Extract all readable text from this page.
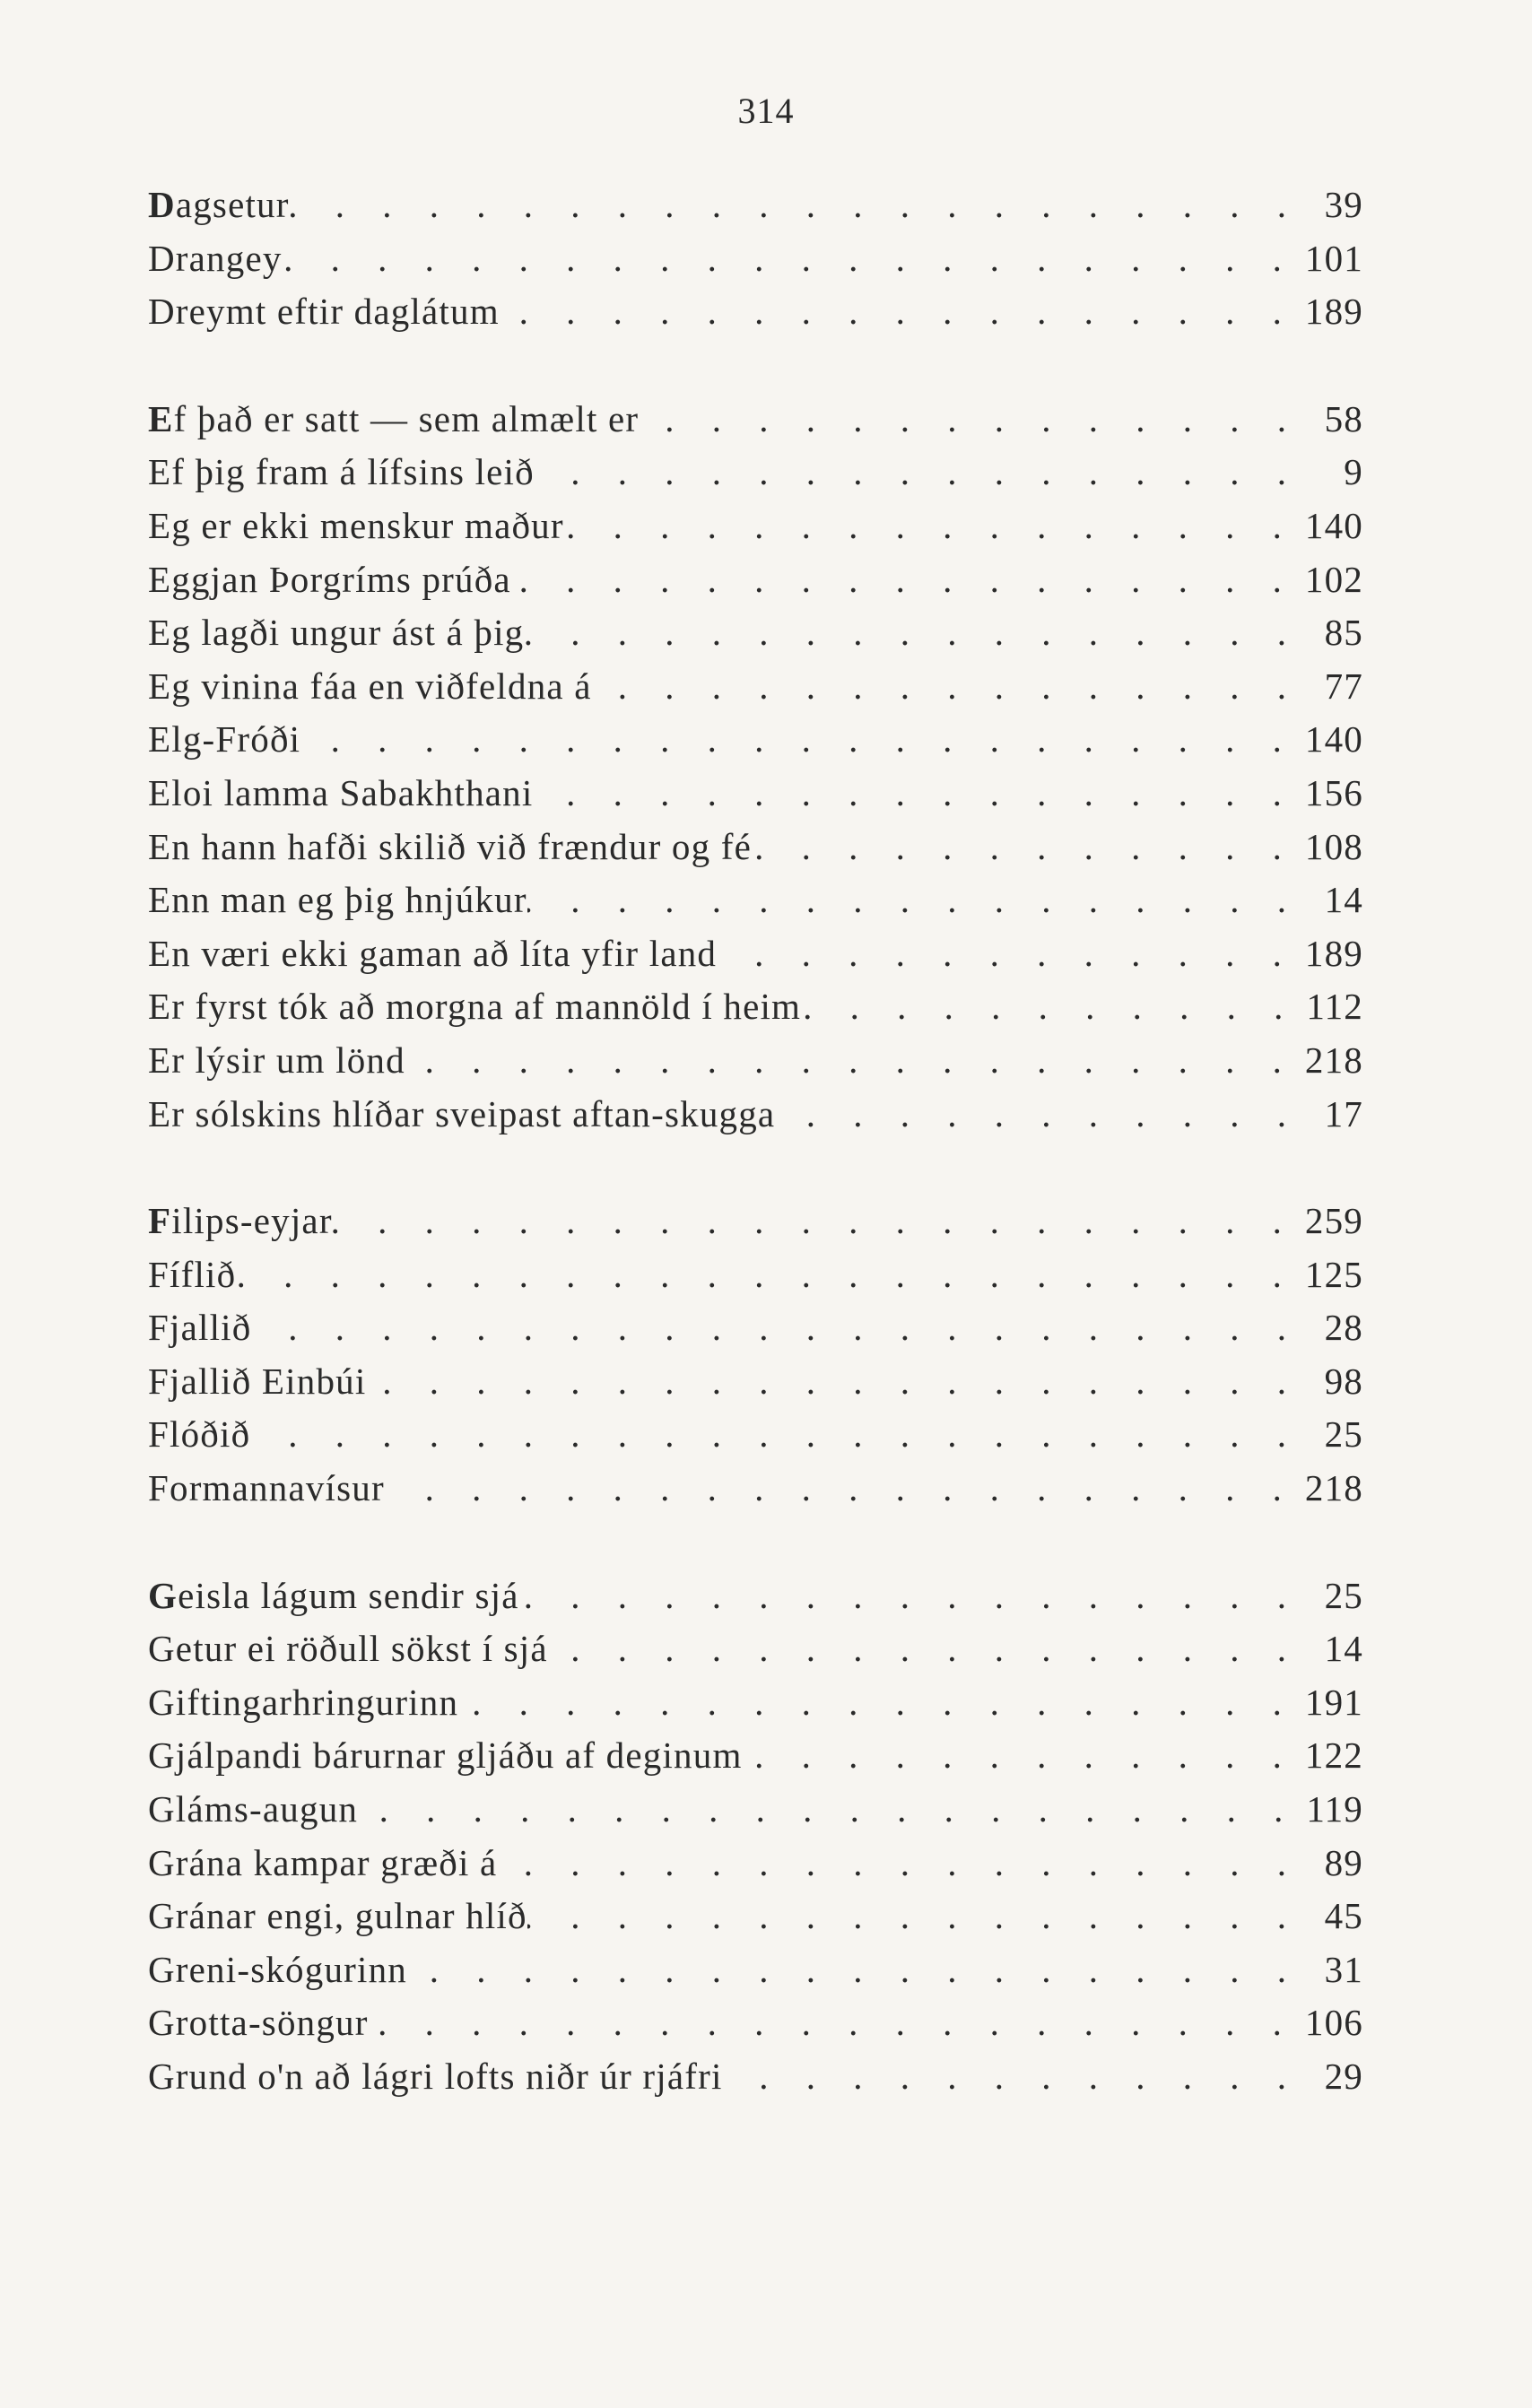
314
Dagsetur . . .	39
Drangey . . .	101
Dreymt eftir daglátum . . .	189
Ef það er satt — sem almælt er . . .	58
Ef þig fram á lífsins leið . . .	9
Eg er ekki menskur maður . . .	140
Eggjan Þorgríms prúða . . .	102
Eg lagði ungur ást á þig . . .	85
Eg vinina fáa en viðfeldna á . . .	77
Elg-Fróði . . .	140
Eloi lamma Sabakhthani . . .	156
En hann hafði skilið við frændur og fé . . .	108
Enn man eg þig hnjúkur . . .	14
En væri ekki gaman að líta yfir land . . .	189
Er fyrst tók að morgna af mannöld í heim . . .	112
Er lýsir um lönd . . .	218
Er sólskins hlíðar sveipast aftan-skugga . . .	17
Filips-eyjar . . .	259
Fíflið . . .	125
Fjallið . . .	28
Fjallið Einbúi . . .	98
Flóðið . . .	25
Formannavísur . . .	218
Geisla lágum sendir sjá . . .	25
Getur ei röðull sökst í sjá . . .	14
Giftingarhringurinn . . .	191
Gjálpandi bárurnar gljáðu af deginum . . .	122
Gláms-augun . . .	119
Grána kampar græði á . . .	89
Gránar engi, gulnar hlíð . . .	45
Greni-skógurinn . . .	31
Grotta-söngur . . .	106
Grund o'n að lágri lofts niðr úr rjáfri . . .	29
